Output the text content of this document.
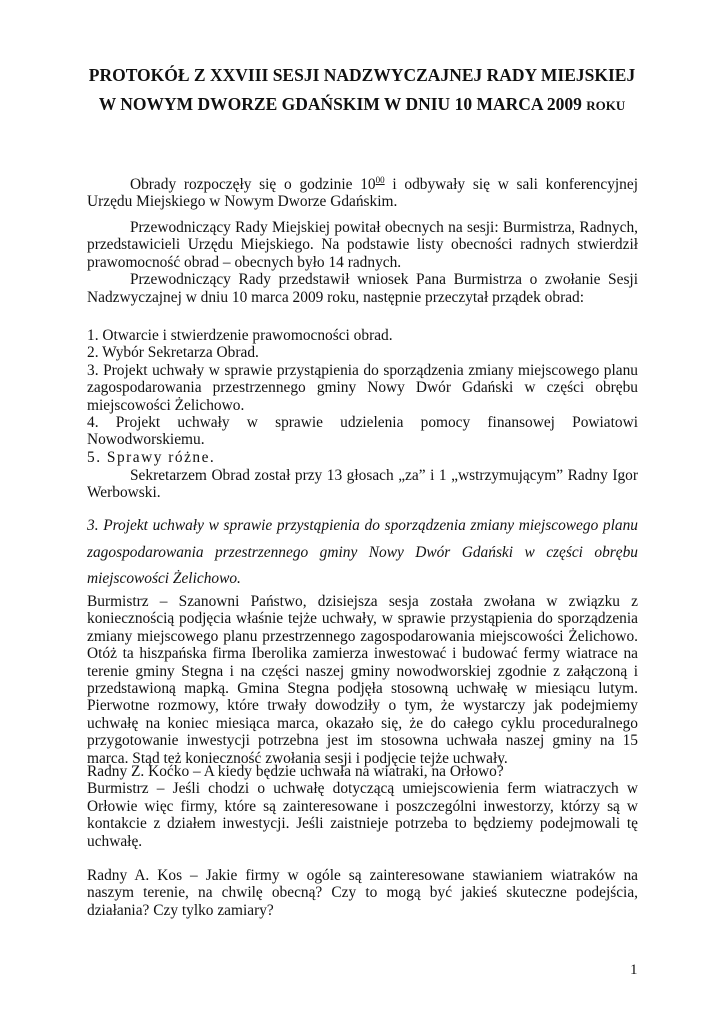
PROTOKÓŁ Z XXVIII SESJI NADZWYCZAJNEJ RADY MIEJSKIEJ
W NOWYM DWORZE GDAŃSKIM W DNIU 10 MARCA 2009 ROKU

Obrady rozpoczęły się o godzinie $10^{00}$ i odbywały się w sali konferencyjnej Urzędu Miejskiego w Nowym Dworze Gdańskim.

Przewodniczący Rady Miejskiej powitał obecnych na sesji: Burmistrza, Radnych, przedstawicieli Urzędu Miejskiego. Na podstawie listy obecności radnych stwierdził prawomocność obrad – obecnych było 14 radnych.

Przewodniczący Rady przedstawił wniosek Pana Burmistrza o zwołanie Sesji Nadzwyczajnej w dniu 10 marca 2009 roku, następnie przeczytał prządek obrad:

1. Otwarcie i stwierdzenie prawomocności obrad.

2. Wybór Sekretarza Obrad.

3. Projekt uchwały w sprawie przystąpienia do sporządzenia zmiany miejscowego planu zagospodarowania przestrzennego gminy Nowy Dwór Gdański w części obrębu miejscowości Żelichowo.

4. Projekt uchwały w sprawie udzielenia pomocy finansowej Powiatowi Nowodworskiemu.

5. Sprawy różne.

Sekretarzem Obrad został przy 13 głosach „za” i 1 „wstrzymującym” Radny Igor Werbowski.

3. Projekt uchwały w sprawie przystąpienia do sporządzenia zmiany miejscowego planu zagospodarowania przestrzennego gminy Nowy Dwór Gdański w części obrębu miejscowości Żelichowo.

Burmistrz – Szanowni Państwo, dzisiejsza sesja została zwołana w związku z koniecznością podjęcia właśnie tejże uchwały, w sprawie przystąpienia do sporządzenia zmiany miejscowego planu przestrzennego zagospodarowania miejscowości Żelichowo. Otóż ta hiszpańska firma Iberolika zamierza inwestować i budować fermy wiatrace na terenie gminy Stegna i na części naszej gminy nowodworskiej zgodnie z załączoną i przedstawioną mapką. Gmina Stegna podjęła stosowną uchwałę w miesiącu lutym. Pierwotne rozmowy, które trwały dowodziły o tym, że wystarczy jak podejmiemy uchwałę na koniec miesiąca marca, okazało się, że do całego cyklu proceduralnego przygotowanie inwestycji potrzebna jest im stosowna uchwała naszej gminy na 15 marca. Stąd też konieczność zwołania sesji i podjęcie tejże uchwały.

Radny Z. Koćko – A kiedy będzie uchwała na wiatraki, na Orłowo?

Burmistrz – Jeśli chodzi o uchwałę dotyczącą umiejscowienia ferm wiatraczych w Orłowie więc firmy, które są zainteresowane i poszczególni inwestorzy, którzy są w kontakcie z działem inwestycji. Jeśli zaistnieje potrzeba to będziemy podejmowali tę uchwałę.

Radny A. Kos – Jakie firmy w ogóle są zainteresowane stawianiem wiatraków na naszym terenie, na chwilę obecną? Czy to mogą być jakieś skuteczne podejścia, działania? Czy tylko zamiary?

1
